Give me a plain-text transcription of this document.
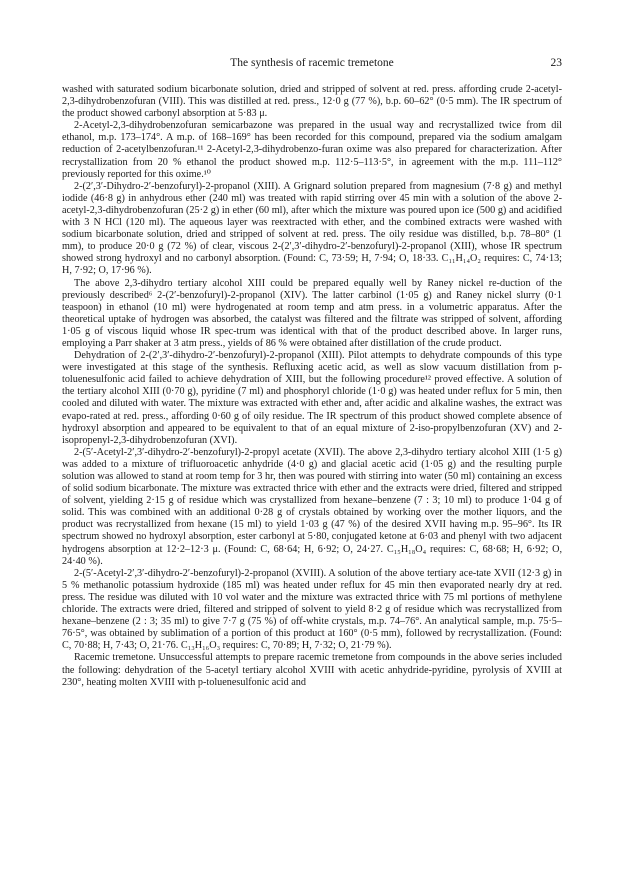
The synthesis of racemic tremetone	23

washed with saturated sodium bicarbonate solution, dried and stripped of solvent at red. press. affording crude 2-acetyl-2,3-dihydrobenzofuran (VIII). This was distilled at red. press., 12·0 g (77 %), b.p. 60–62° (0·5 mm). The IR spectrum of the product showed carbonyl absorption at 5·83 μ.

2-Acetyl-2,3-dihydrobenzofuran semicarbazone was prepared in the usual way and recrystallized twice from dil ethanol, m.p. 173–174°. A m.p. of 168–169° has been recorded for this compound, prepared via the sodium amalgam reduction of 2-acetylbenzofuran.¹¹ 2-Acetyl-2,3-dihydrobenzo-furan oxime was also prepared for characterization. After recrystallization from 20 % ethanol the product showed m.p. 112·5–113·5°, in agreement with the m.p. 111–112° previously reported for this oxime.¹⁰

2-(2′,3′-Dihydro-2′-benzofuryl)-2-propanol (XIII). A Grignard solution prepared from magnesium (7·8 g) and methyl iodide (46·8 g) in anhydrous ether (240 ml) was treated with rapid stirring over 45 min with a solution of the above 2-acetyl-2,3-dihydrobenzofuran (25·2 g) in ether (60 ml), after which the mixture was poured upon ice (500 g) and acidified with 3 N HCl (120 ml). The aqueous layer was reextracted with ether, and the combined extracts were washed with sodium bicarbonate solution, dried and stripped of solvent at red. press. The oily residue was distilled, b.p. 78–80° (1 mm), to produce 20·0 g (72 %) of clear, viscous 2-(2′,3′-dihydro-2′-benzofuryl)-2-propanol (XIII), whose IR spectrum showed strong hydroxyl and no carbonyl absorption. (Found: C, 73·59; H, 7·94; O, 18·33. C₁₁H₁₄O₂ requires: C, 74·13; H, 7·92; O, 17·96 %).

The above 2,3-dihydro tertiary alcohol XIII could be prepared equally well by Raney nickel re-duction of the previously described⁶ 2-(2′-benzofuryl)-2-propanol (XIV). The latter carbinol (1·05 g) and Raney nickel slurry (0·1 teaspoon) in ethanol (10 ml) were hydrogenated at room temp and atm press. in a volumetric apparatus. After the theoretical uptake of hydrogen was absorbed, the catalyst was filtered and the filtrate was stripped of solvent, affording 1·05 g of viscous liquid whose IR spec-trum was identical with that of the product described above. In larger runs, employing a Parr shaker at 3 atm press., yields of 86 % were obtained after distillation of the crude product.

Dehydration of 2-(2′,3′-dihydro-2′-benzofuryl)-2-propanol (XIII). Pilot attempts to dehydrate compounds of this type were investigated at this stage of the synthesis. Refluxing acetic acid, as well as slow vacuum distillation from p-toluenesulfonic acid failed to achieve dehydration of XIII, but the following procedure¹² proved effective. A solution of the tertiary alcohol XIII (0·70 g), pyridine (7 ml) and phosphoryl chloride (1·0 g) was heated under reflux for 5 min, then cooled and diluted with water. The mixture was extracted with ether and, after acidic and alkaline washes, the extract was evapo-rated at red. press., affording 0·60 g of oily residue. The IR spectrum of this product showed complete absence of hydroxyl absorption and appeared to be equivalent to that of an equal mixture of 2-iso-propylbenzofuran (XV) and 2-isopropenyl-2,3-dihydrobenzofuran (XVI).

2-(5′-Acetyl-2′,3′-dihydro-2′-benzofuryl)-2-propyl acetate (XVII). The above 2,3-dihydro tertiary alcohol XIII (1·5 g) was added to a mixture of trifluoroacetic anhydride (4·0 g) and glacial acetic acid (1·05 g) and the resulting purple solution was allowed to stand at room temp for 3 hr, then was poured with stirring into water (50 ml) containing an excess of solid sodium bicarbonate. The mixture was extracted thrice with ether and the extracts were dried, filtered and stripped of solvent, yielding 2·15 g of residue which was crystallized from hexane–benzene (7 : 3; 10 ml) to produce 1·04 g of solid. This was combined with an additional 0·28 g of crystals obtained by working over the mother liquors, and the product was recrystallized from hexane (15 ml) to yield 1·03 g (47 %) of the desired XVII having m.p. 95–96°. Its IR spectrum showed no hydroxyl absorption, ester carbonyl at 5·80, conjugated ketone at 6·03 and phenyl with two adjacent hydrogens absorption at 12·2–12·3 μ. (Found: C, 68·64; H, 6·92; O, 24·27. C₁₅H₁₈O₄ requires: C, 68·68; H, 6·92; O, 24·40 %).

2-(5′-Acetyl-2′,3′-dihydro-2′-benzofuryl)-2-propanol (XVIII). A solution of the above tertiary ace-tate XVII (12·3 g) in 5 % methanolic potassium hydroxide (185 ml) was heated under reflux for 45 min then evaporated nearly dry at red. press. The residue was diluted with 10 vol water and the mixture was extracted thrice with 75 ml portions of methylene chloride. The extracts were dried, filtered and stripped of solvent to yield 8·2 g of residue which was recrystallized from hexane–benzene (2 : 3; 35 ml) to give 7·7 g (75 %) of off-white crystals, m.p. 74–76°. An analytical sample, m.p. 75·5–76·5°, was obtained by sublimation of a portion of this product at 160° (0·5 mm), followed by recrystallization. (Found: C, 70·88; H, 7·43; O, 21·76. C₁₃H₁₆O₃ requires: C, 70·89; H, 7·32; O, 21·79 %).

Racemic tremetone. Unsuccessful attempts to prepare racemic tremetone from compounds in the above series included the following: dehydration of the 5-acetyl tertiary alcohol XVIII with acetic anhydride-pyridine, pyrolysis of XVIII at 230°, heating molten XVIII with p-toluenesulfonic acid and
